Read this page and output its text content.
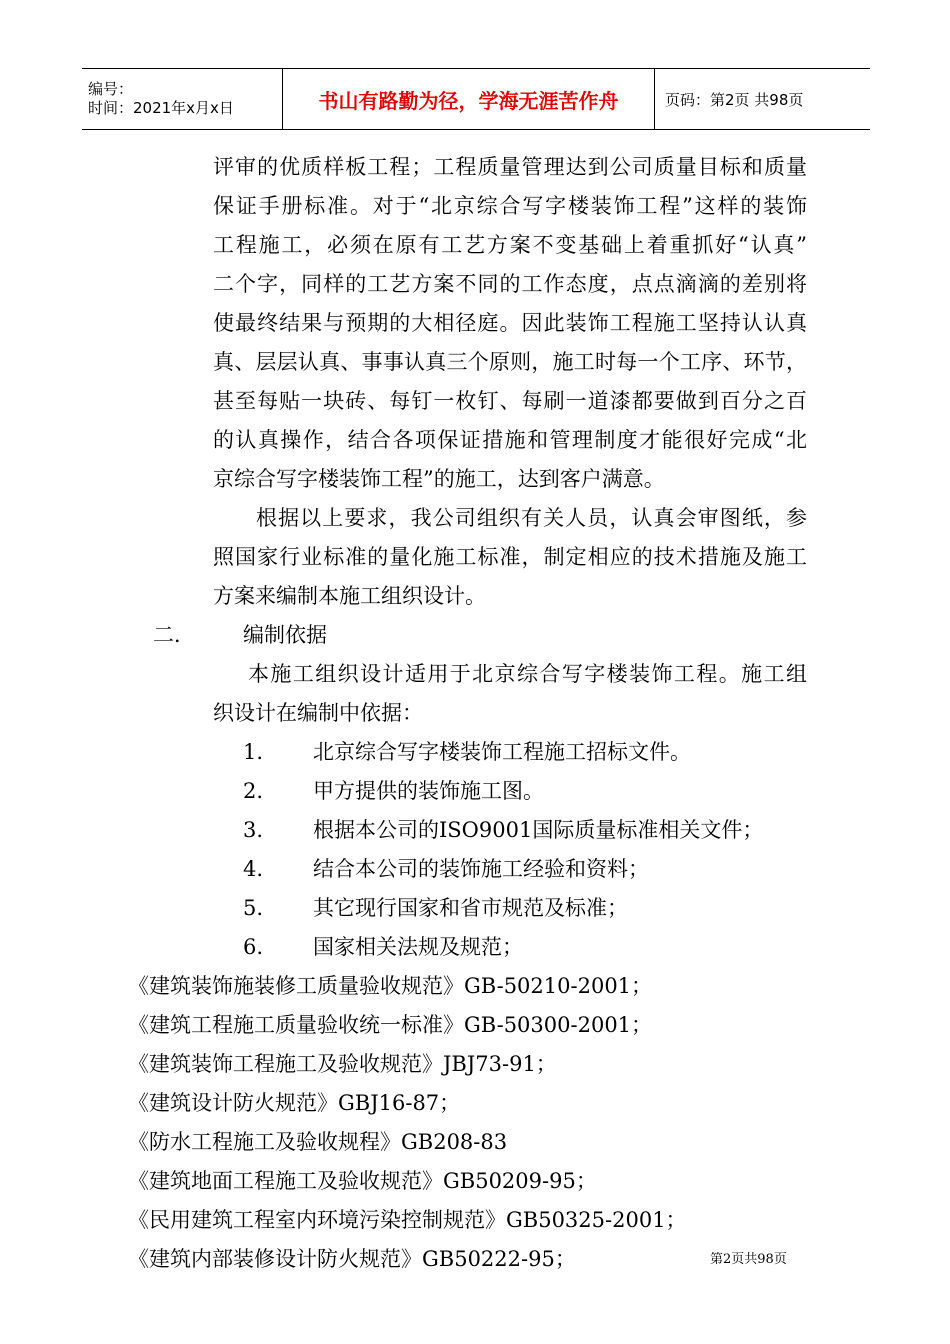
编号：
时间：2021年x月x日	书山有路勤为径，学海无涯苦作舟	页码：第2页 共98页
评审的优质样板工程；工程质量管理达到公司质量目标和质量
保证手册标准。对于“北京综合写字楼装饰工程”这样的装饰
工程施工，必须在原有工艺方案不变基础上着重抓好“认真”
二个字，同样的工艺方案不同的工作态度，点点滴滴的差别将
使最终结果与预期的大相径庭。因此装饰工程施工坚持认认真
真、层层认真、事事认真三个原则，施工时每一个工序、环节，
甚至每贴一块砖、每钉一枚钉、每刷一道漆都要做到百分之百
的认真操作，结合各项保证措施和管理制度才能很好完成“北
京综合写字楼装饰工程”的施工，达到客户满意。
根据以上要求，我公司组织有关人员，认真会审图纸，参
照国家行业标准的量化施工标准，制定相应的技术措施及施工
方案来编制本施工组织设计。
二． 编制依据
本施工组织设计适用于北京综合写字楼装饰工程。施工组
织设计在编制中依据：
1. 北京综合写字楼装饰工程施工招标文件。
2. 甲方提供的装饰施工图。
3. 根据本公司的ISO9001国际质量标准相关文件；
4. 结合本公司的装饰施工经验和资料；
5. 其它现行国家和省市规范及标准；
6. 国家相关法规及规范；
《建筑装饰施装修工质量验收规范》GB-50210-2001；
《建筑工程施工质量验收统一标准》GB-50300-2001；
《建筑装饰工程施工及验收规范》JBJ73-91；
《建筑设计防火规范》GBJ16-87；
《防水工程施工及验收规程》GB208-83
《建筑地面工程施工及验收规范》GB50209-95；
《民用建筑工程室内环境污染控制规范》GB50325-2001；
《建筑内部装修设计防火规范》GB50222-95；	第2页共98页
